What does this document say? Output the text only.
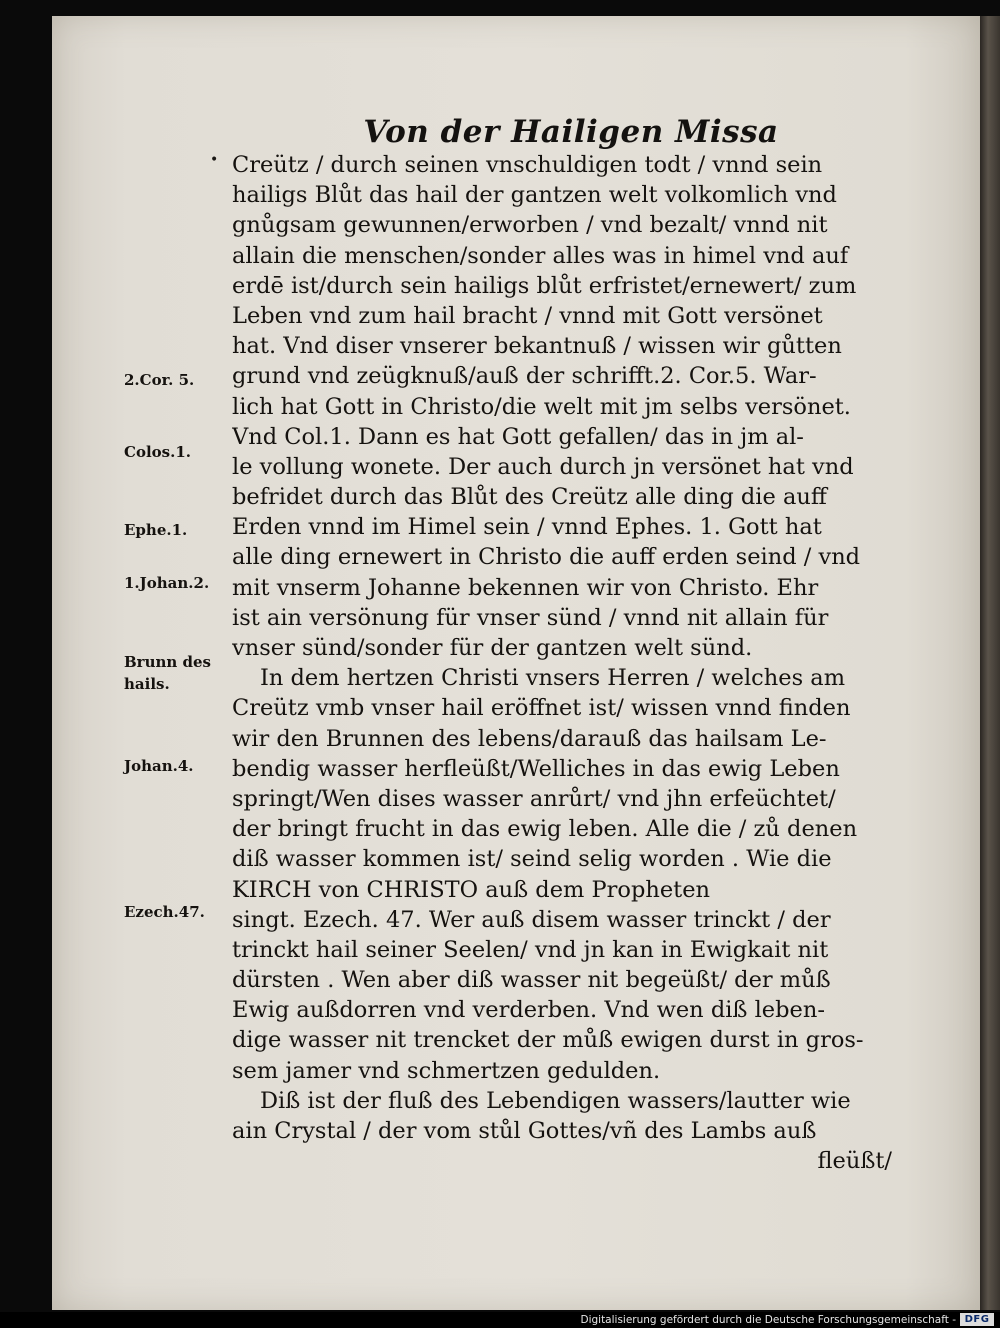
Von der Hailigen Missa
• Creütz / durch seinen vnschuldigen todt / vnnd sein
hailigs Blůt das hail der gantzen welt volkomlich vnd
gnůgsam gewunnen/erworben / vnd bezalt/ vnnd nit
allain die menschen/sonder alles was in himel vnd auf
erdē ist/durch sein hailigs blůt erfristet/ernewert/ zum
Leben vnd zum hail bracht / vnnd mit Gott versönet
hat. Vnd diser vnserer bekantnuß / wissen wir gůtten
grund vnd zeügknuß/auß der schrifft.2. Cor.5. War-
lich hat Gott in Christo/die welt mit jm selbs versönet.
Vnd Col.1. Dann es hat Gott gefallen/ das in jm al-
le vollung wonete. Der auch durch jn versönet hat vnd
befridet durch das Blůt des Creütz alle ding die auff
Erden vnnd im Himel sein / vnnd Ephes. 1. Gott hat
alle ding ernewert in Christo die auff erden seind / vnd
mit vnserm Johanne bekennen wir von Christo. Ehr
ist ain versönung für vnser sünd / vnnd nit allain für
vnser sünd/sonder für der gantzen welt sünd.
In dem hertzen Christi vnsers Herren / welches am
Creütz vmb vnser hail eröffnet ist/ wissen vnnd finden
wir den Brunnen des lebens/darauß das hailsam Le-
bendig wasser herfleüßt/Welliches in das ewig Leben
springt/Wen dises wasser anrůrt/ vnd jhn erfeüchtet/
der bringt frucht in das ewig leben. Alle die / zů denen
diß wasser kommen ist/ seind selig worden . Wie die
KIRCH von CHRISTO auß dem Propheten
singt. Ezech. 47. Wer auß disem wasser trinckt / der
trinckt hail seiner Seelen/ vnd jn kan in Ewigkait nit
dürsten . Wen aber diß wasser nit begeüßt/ der můß
Ewig außdorren vnd verderben. Vnd wen diß leben-
dige wasser nit trencket der můß ewigen durst in gros-
sem jamer vnd schmertzen gedulden.
Diß ist der fluß des Lebendigen wassers/lautter wie
ain Crystal / der vom stůl Gottes/vñ des Lambs auß
fleüßt/
2.Cor. 5.
Colos.1.
Ephe.1.
1.Johan.2.
Brunn des
hails.
Johan.4.
Ezech.47.
Digitalisierung gefördert durch die Deutsche Forschungsgemeinschaft - DFG
